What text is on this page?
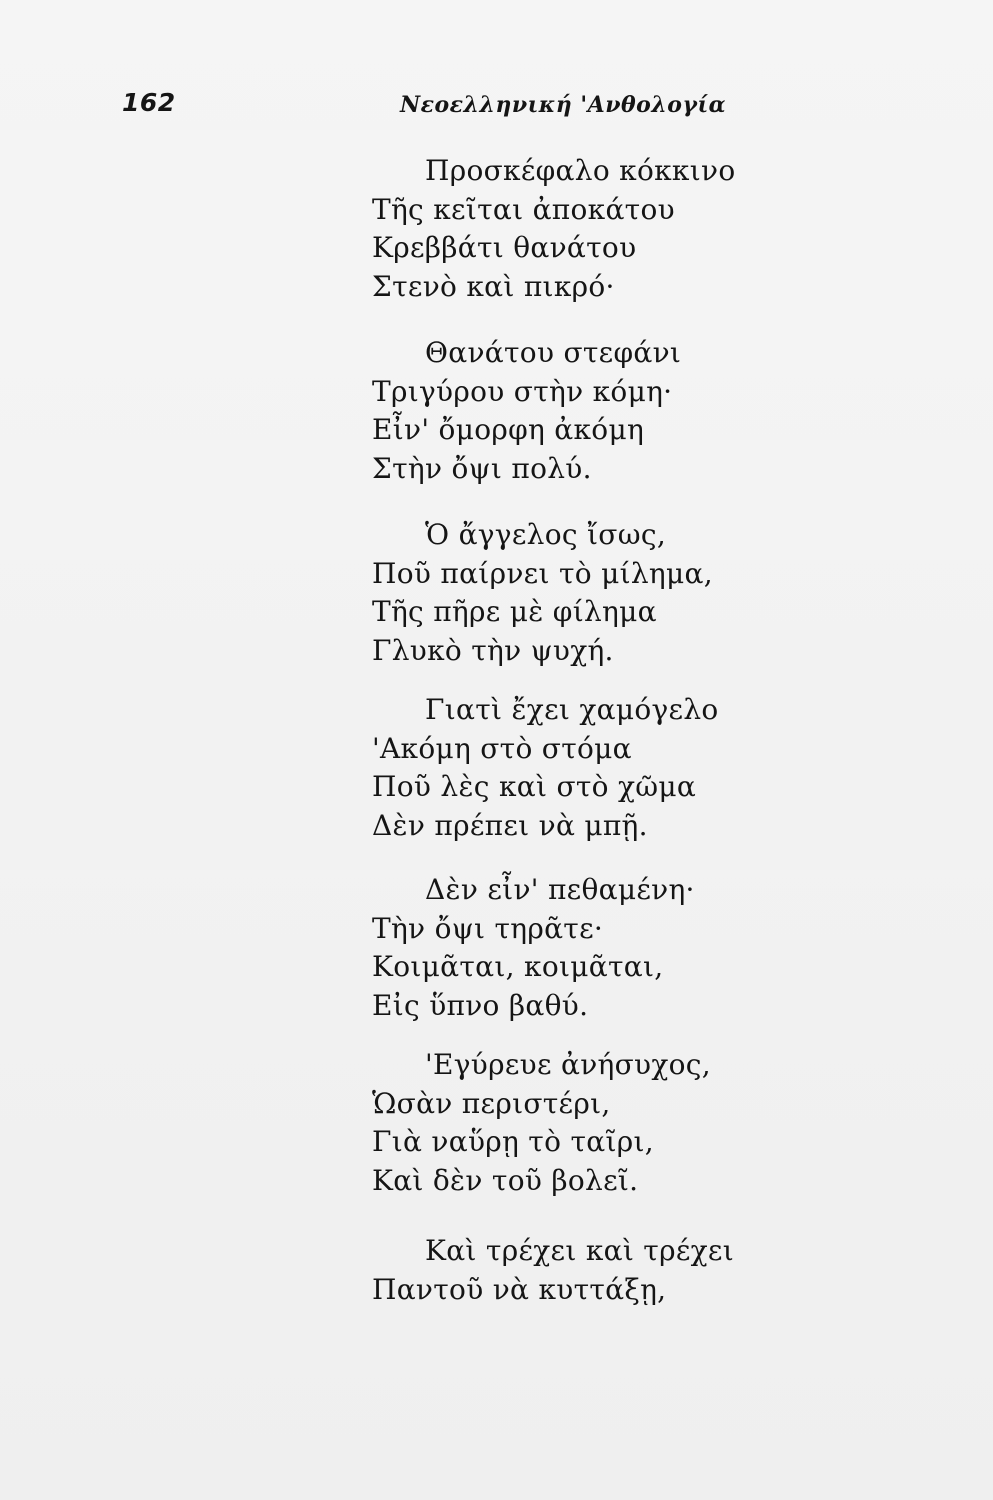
162	Νεοελληνική 'Ανθολογία
Προσκέφαλο κόκκινο
Τῆς κεῖται ἀποκάτου
Κρεββάτι θανάτου
Στενὸ καὶ πικρό·
Θανάτου στεφάνι
Τριγύρου στὴν κόμη·
Εἶν' ὄμορφη ἀκόμη
Στὴν ὄψι πολύ.
Ὁ ἄγγελος ἴσως,
Ποῦ παίρνει τὸ μίλημα,
Τῆς πῆρε μὲ φίλημα
Γλυκὸ τὴν ψυχή.
Γιατὶ ἔχει χαμόγελο
'Ακόμη στὸ στόμα
Ποῦ λὲς καὶ στὸ χῶμα
Δὲν πρέπει νὰ μπῇ.
Δὲν εἶν' πεθαμένη·
Τὴν ὄψι τηρᾶτε·
Κοιμᾶται, κοιμᾶται,
Εἰς ὕπνο βαθύ.
'Εγύρευε ἀνήσυχος,
Ὡσὰν περιστέρι,
Γιὰ ναὕρῃ τὸ ταῖρι,
Καὶ δὲν τοῦ βολεῖ.
Καὶ τρέχει καὶ τρέχει
Παντοῦ νὰ κυττάξῃ,
